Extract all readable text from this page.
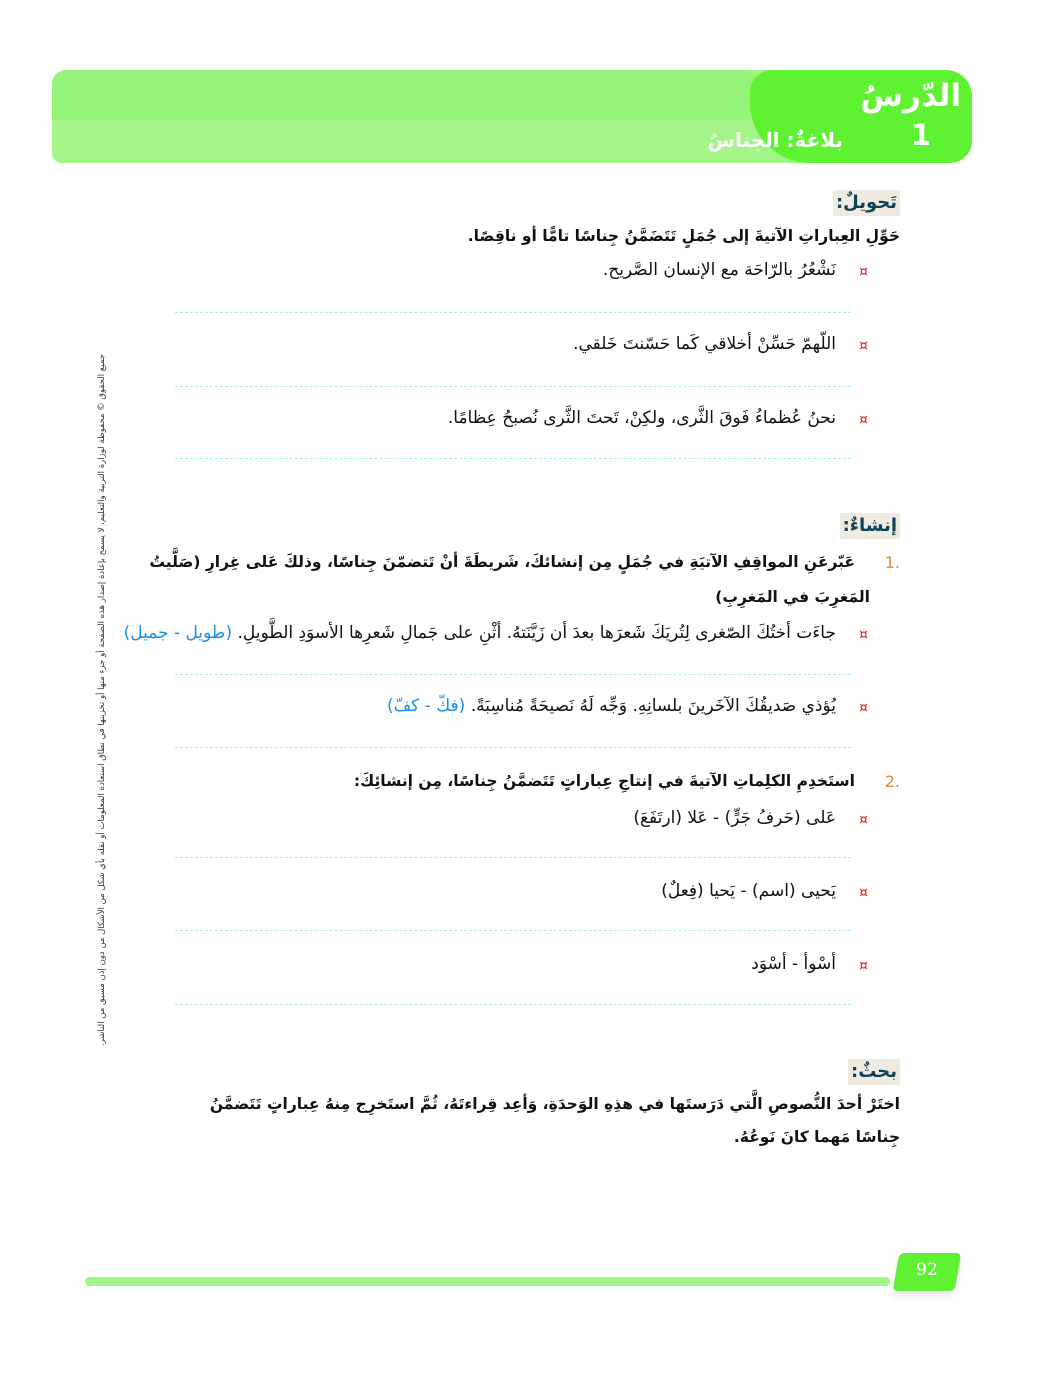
الدّرسُ
1
بلاغةٌ: الجناسُ
جميع الحقوق © محفوظة لوزارة التربية والتعليم، لا يسمح بإعادة إصدار هذه الصفحة أو جزء منها أو تخزينها في نطاق استعادة المعلومات أو نقله بأي شكل من الأشكال من دون إذن مسبق من الناشر.
تَحويلٌ:
حَوِّلِ العِباراتِ الآتيةَ إلى جُمَلٍ تَتَضَمَّنُ جِناسًا تامًّا أو ناقِصًا.
¤
نَشْعُرُ بالرّاحَة مع الإنسان الصَّريح.
¤
اللّهمّ حَسِّنْ أخلاقي كَما حَسّنتَ خَلقي.
¤
نحنُ عُظماءُ فَوقَ الثَّرى، ولكِنْ، تَحتَ الثَّرى نُصبحُ عِظامًا.
إنشاءٌ:
.1
عَبّرعَنِ المواقِفِ الآتيَةِ في جُمَلٍ مِن إنشائكَ، شَريطَةَ أنْ تَتضمّنَ جِناسًا، وذلكَ عَلى غِرارِ (صَلَّيتُ
المَغرِبَ في المَغرِبِ)
¤
جاءَت أختُكَ الصّغرى لِتُريَكَ شَعرَها بعدَ أن زَيَّنَتهُ. أثْنِ على جَمالِ شَعرِها الأسوَدِ الطَّويلِ. (طويل - جميل)
¤
يُؤذي صَديقُكَ الآخَرينَ بلسانِهِ. وَجِّه لَهُ نَصيحَةً مُناسِبَةً. (فكّ - كفّ)
.2
استَخدِمِ الكلِماتِ الآتيةَ في إنتاجِ عِباراتٍ تَتَضمَّنُ جِناسًا، مِن إنشائِكَ:
¤
عَلى (حَرفُ جَرٍّ) - عَلا (ارتَفَعَ)
¤
يَحيى (اسم) - يَحيا (فِعلٌ)
¤
أسْوأ - أسْوَد
بحثٌ:
اختَرْ أحدَ النُّصوصِ الَّتي دَرَستَها في هذِهِ الوَحدَةِ، وَأعِد قِراءتَهُ، ثُمَّ استَخرِج مِنهُ عِباراتٍ تَتَضمَّنُ
جِناسًا مَهما كانَ نَوعُهُ.
92
